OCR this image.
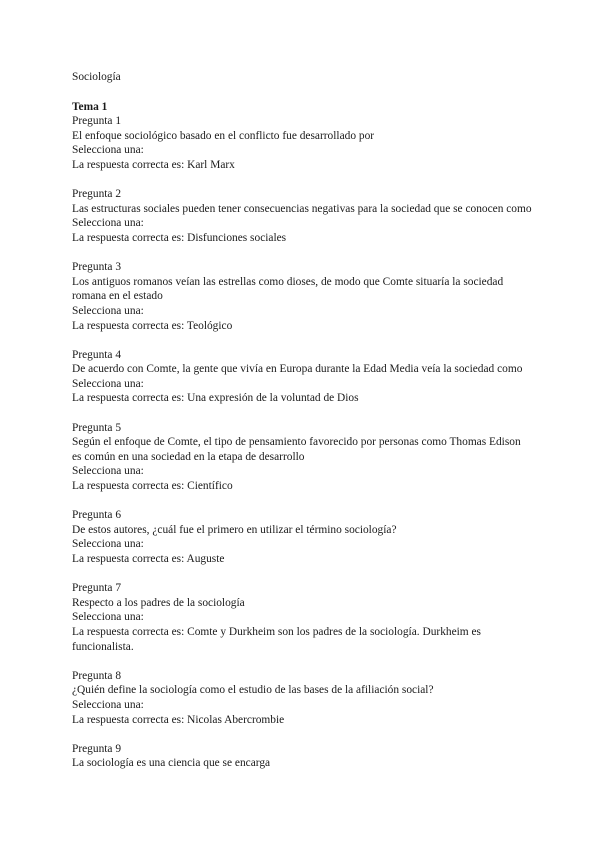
Sociología

Tema 1

Pregunta 1

El enfoque sociológico basado en el conflicto fue desarrollado por

Selecciona una:

La respuesta correcta es: Karl Marx

Pregunta 2

Las estructuras sociales pueden tener consecuencias negativas para la sociedad que se conocen como

Selecciona una:

La respuesta correcta es: Disfunciones sociales

Pregunta 3

Los antiguos romanos veían las estrellas como dioses, de modo que Comte situaría la sociedad romana en el estado

Selecciona una:

La respuesta correcta es: Teológico

Pregunta 4

De acuerdo con Comte, la gente que vivía en Europa durante la Edad Media veía la sociedad como

Selecciona una:

La respuesta correcta es: Una expresión de la voluntad de Dios

Pregunta 5

Según el enfoque de Comte, el tipo de pensamiento favorecido por personas como Thomas Edison es común en una sociedad en la etapa de desarrollo

Selecciona una:

La respuesta correcta es: Científico

Pregunta 6

De estos autores, ¿cuál fue el primero en utilizar el término sociología?

Selecciona una:

La respuesta correcta es: Auguste

Pregunta 7

Respecto a los padres de la sociología

Selecciona una:

La respuesta correcta es: Comte y Durkheim son los padres de la sociología. Durkheim es funcionalista.

Pregunta 8

¿Quién define la sociología como el estudio de las bases de la afiliación social?

Selecciona una:

La respuesta correcta es: Nicolas Abercrombie

Pregunta 9

La sociología es una ciencia que se encarga
